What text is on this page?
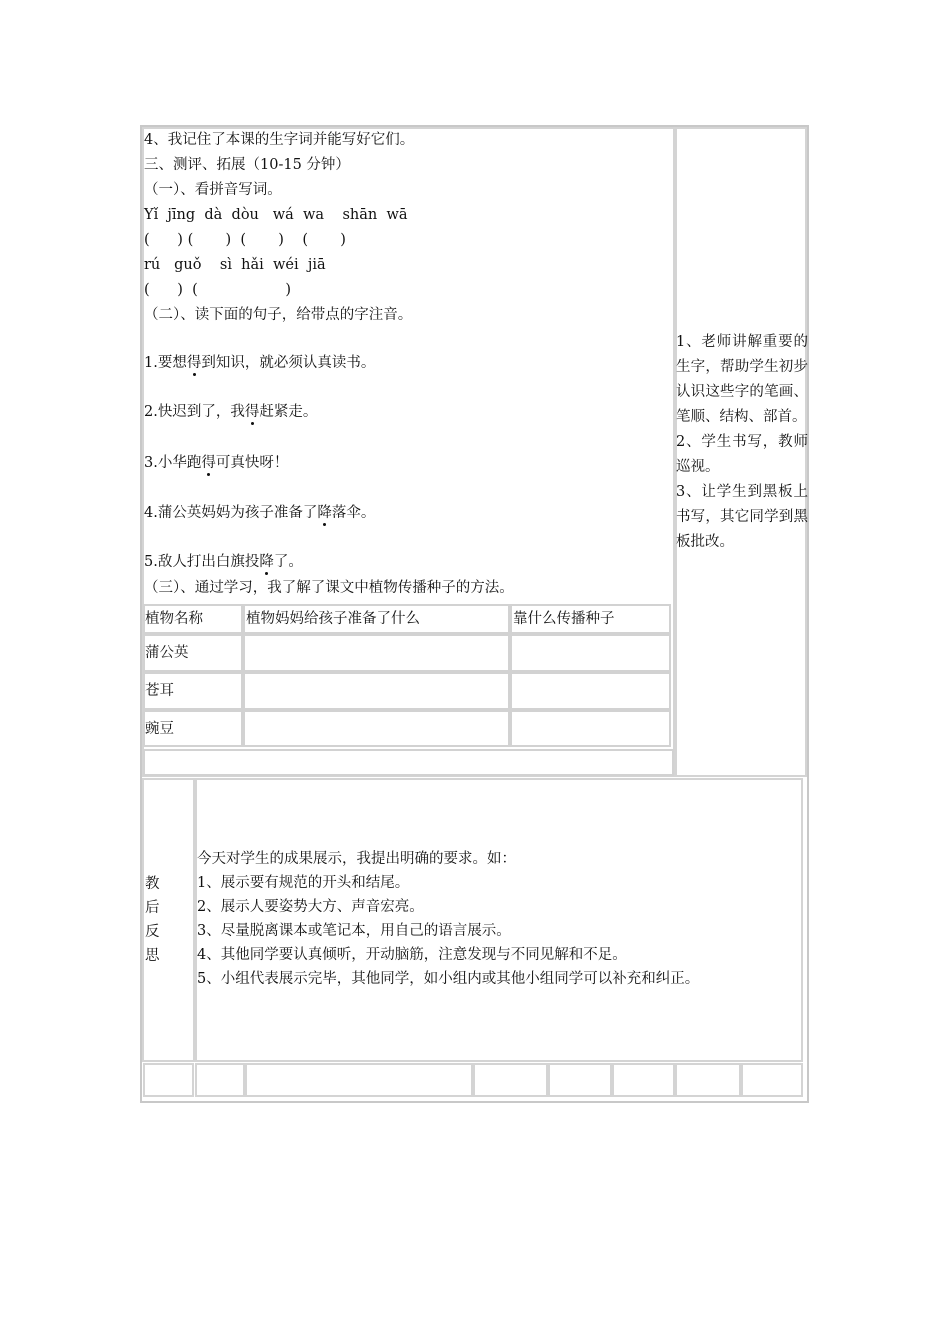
4、我记住了本课的生字词并能写好它们。
三、测评、拓展（10-15 分钟）
（一）、看拼音写词。
Yǐ  jīng  dà  dòu   wá  wa    shān  wā
(      ) (       )  (       )    (       )
rú   guǒ    sì  hǎi  wéi  jiā
(      )  (                   )
（二）、读下面的句子，给带点的字注音。
1.要想得到知识，就必须认真读书。
2.快迟到了，我得赶紧走。
3.小华跑得可真快呀！
4.蒲公英妈妈为孩子准备了降落伞。
5.敌人打出白旗投降了。
（三）、通过学习，我了解了课文中植物传播种子的方法。
植物名称	植物妈妈给孩子准备了什么	靠什么传播种子
蒲公英
苍耳
豌豆
1、老师讲解重要的生字，帮助学生初步认识这些字的笔画、笔顺、结构、部首。
2、学生书写，教师巡视。
3、让学生到黑板上书写，其它同学到黑板批改。
教
后
反
思
今天对学生的成果展示，我提出明确的要求。如：
1、展示要有规范的开头和结尾。
2、展示人要姿势大方、声音宏亮。
3、尽量脱离课本或笔记本，用自己的语言展示。
4、其他同学要认真倾听，开动脑筋，注意发现与不同见解和不足。
5、小组代表展示完毕，其他同学，如小组内或其他小组同学可以补充和纠正。
